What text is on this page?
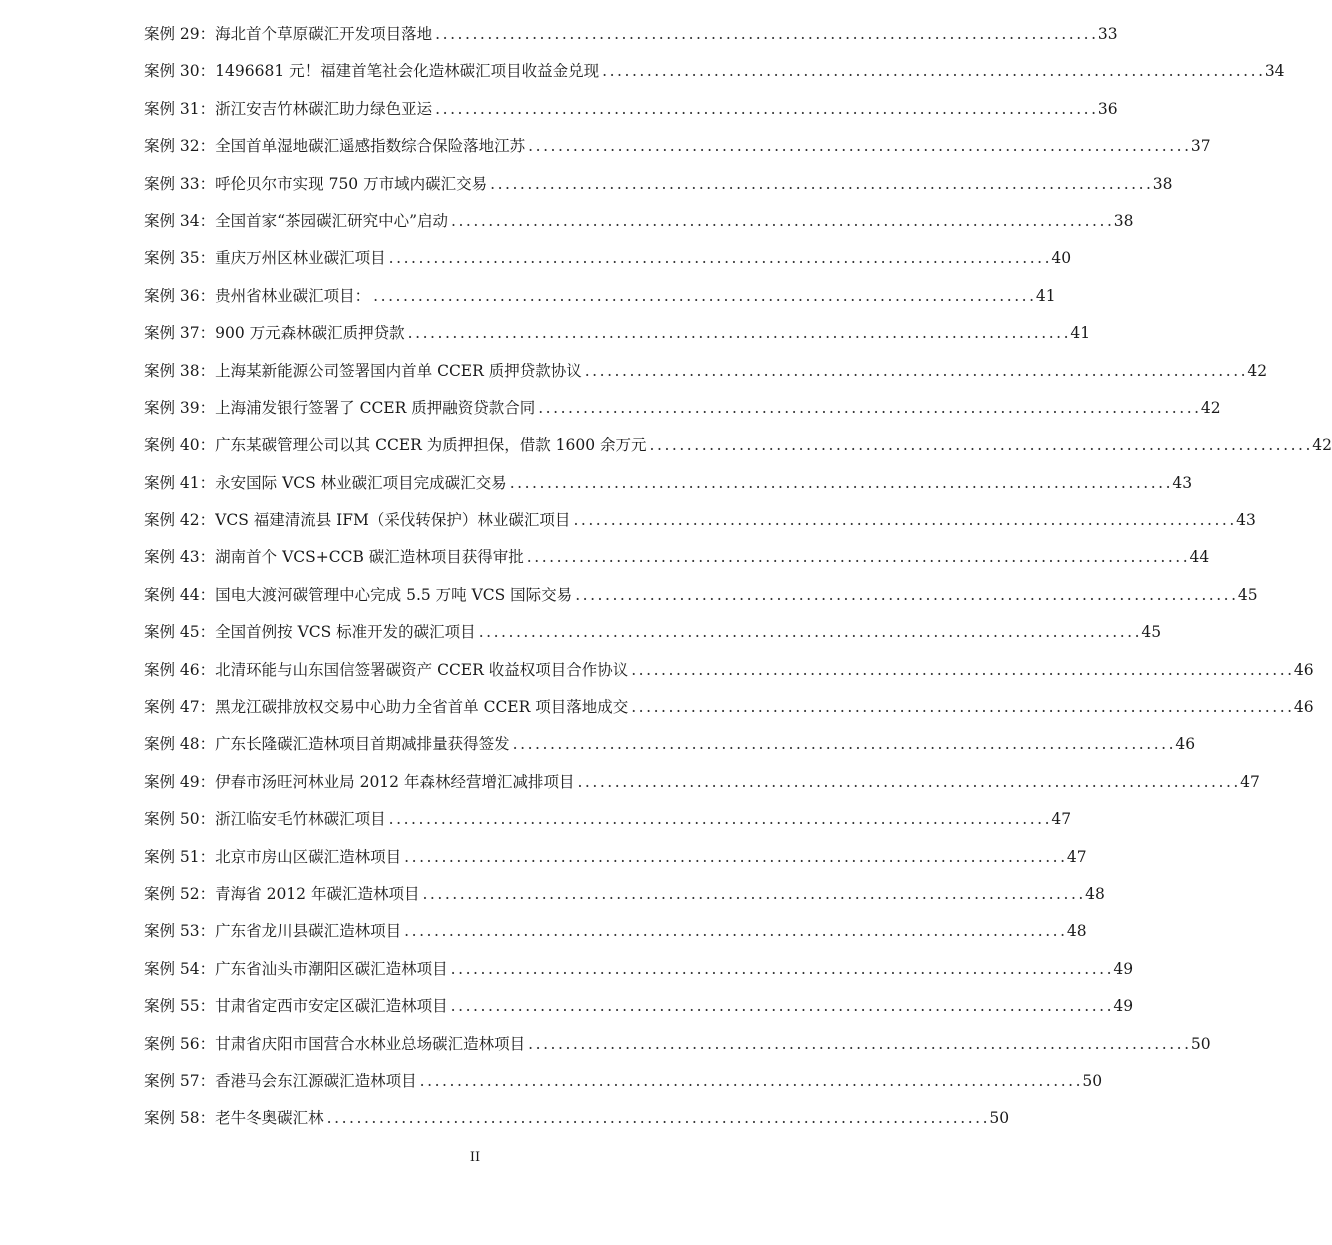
案例 29： 海北首个草原碳汇开发项目落地 . . .	33
案例 30： 1496681 元！福建首笔社会化造林碳汇项目收益金兑现 . . .	34
案例 31： 浙江安吉竹林碳汇助力绿色亚运 . . .	36
案例 32： 全国首单湿地碳汇遥感指数综合保险落地江苏 . . .	37
案例 33： 呼伦贝尔市实现 750 万市域内碳汇交易 . . .	38
案例 34： 全国首家“茶园碳汇研究中心”启动 . . .	38
案例 35： 重庆万州区林业碳汇项目 . . .	40
案例 36： 贵州省林业碳汇项目： . . .	41
案例 37： 900 万元森林碳汇质押贷款 . . .	41
案例 38： 上海某新能源公司签署国内首单 CCER 质押贷款协议 . . .	42
案例 39： 上海浦发银行签署了 CCER 质押融资贷款合同 . . .	42
案例 40： 广东某碳管理公司以其 CCER 为质押担保，借款 1600 余万元 . . .	42
案例 41： 永安国际 VCS 林业碳汇项目完成碳汇交易 . . .	43
案例 42： VCS 福建清流县 IFM（采伐转保护）林业碳汇项目 . . .	43
案例 43： 湖南首个 VCS+CCB 碳汇造林项目获得审批 . . .	44
案例 44： 国电大渡河碳管理中心完成 5.5 万吨 VCS 国际交易 . . .	45
案例 45： 全国首例按 VCS 标准开发的碳汇项目 . . .	45
案例 46： 北清环能与山东国信签署碳资产 CCER 收益权项目合作协议 . . .	46
案例 47： 黑龙江碳排放权交易中心助力全省首单 CCER 项目落地成交 . . .	46
案例 48： 广东长隆碳汇造林项目首期减排量获得签发 . . .	46
案例 49： 伊春市汤旺河林业局 2012 年森林经营增汇减排项目 . . .	47
案例 50： 浙江临安毛竹林碳汇项目 . . .	47
案例 51： 北京市房山区碳汇造林项目 . . .	47
案例 52： 青海省 2012 年碳汇造林项目 . . .	48
案例 53： 广东省龙川县碳汇造林项目 . . .	48
案例 54： 广东省汕头市潮阳区碳汇造林项目 . . .	49
案例 55： 甘肃省定西市安定区碳汇造林项目 . . .	49
案例 56： 甘肃省庆阳市国营合水林业总场碳汇造林项目 . . .	50
案例 57： 香港马会东江源碳汇造林项目 . . .	50
案例 58： 老牛冬奥碳汇林 . . .	50
II
